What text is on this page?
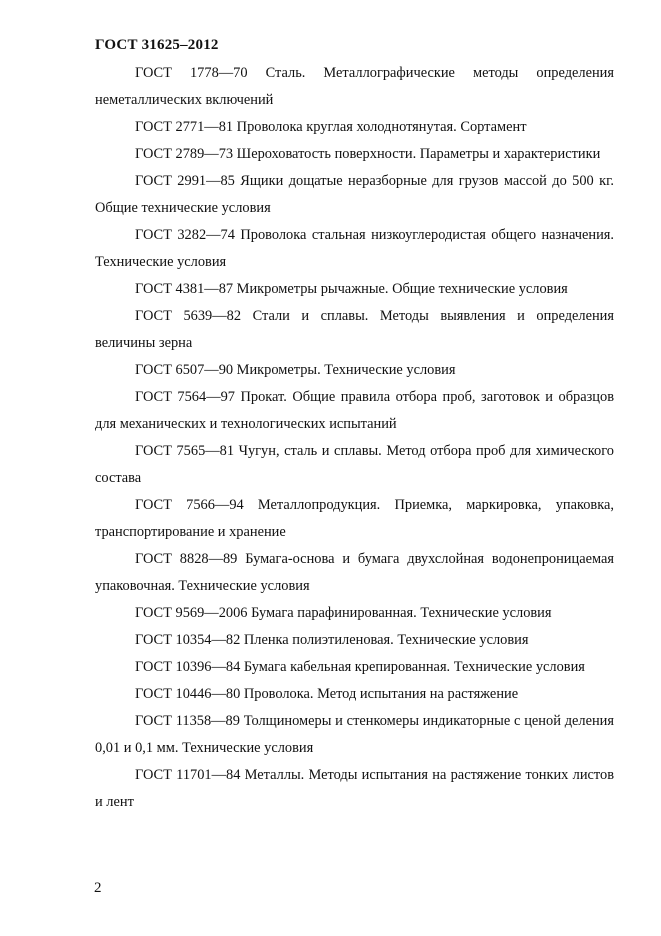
ГОСТ 31625–2012

ГОСТ 1778—70 Сталь. Металлографические методы определения неметаллических включений

ГОСТ 2771—81 Проволока круглая холоднотянутая. Сортамент

ГОСТ 2789—73 Шероховатость поверхности. Параметры и характеристики

ГОСТ 2991—85 Ящики дощатые неразборные для грузов массой до 500 кг. Общие технические условия

ГОСТ 3282—74 Проволока стальная низкоуглеродистая общего назначения. Технические условия

ГОСТ 4381—87 Микрометры рычажные. Общие технические условия

ГОСТ 5639—82 Стали и сплавы. Методы выявления и определения величины зерна

ГОСТ 6507—90 Микрометры. Технические условия

ГОСТ 7564—97 Прокат. Общие правила отбора проб, заготовок и образцов для механических и технологических испытаний

ГОСТ 7565—81 Чугун, сталь и сплавы. Метод отбора проб для химического состава

ГОСТ 7566—94 Металлопродукция. Приемка, маркировка, упаковка, транспортирование и хранение

ГОСТ 8828—89 Бумага-основа и бумага двухслойная водонепроницаемая упаковочная. Технические условия

ГОСТ 9569—2006 Бумага парафинированная. Технические условия

ГОСТ 10354—82 Пленка полиэтиленовая. Технические условия

ГОСТ 10396—84 Бумага кабельная крепированная. Технические условия

ГОСТ 10446—80 Проволока. Метод испытания на растяжение

ГОСТ 11358—89 Толщиномеры и стенкомеры индикаторные с ценой деления 0,01 и 0,1 мм. Технические условия

ГОСТ 11701—84 Металлы. Методы испытания на растяжение тонких листов и лент

2
